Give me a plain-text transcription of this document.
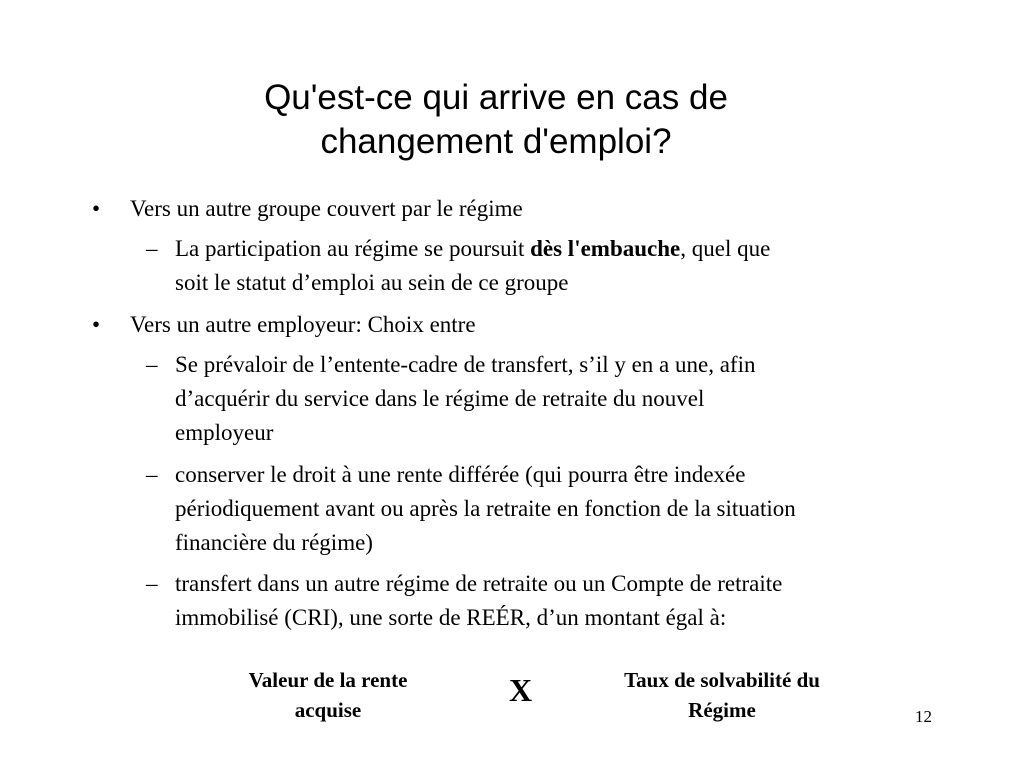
Qu'est-ce qui arrive en cas de
changement d'emploi?
• Vers un autre groupe couvert par le régime
– La participation au régime se poursuit dès l'embauche, quel que
soit le statut d’emploi au sein de ce groupe
• Vers un autre employeur: Choix entre
– Se prévaloir de l’entente-cadre de transfert, s’il y en a une, afin
d’acquérir du service dans le régime de retraite du nouvel
employeur
– conserver le droit à une rente différée (qui pourra être indexée
périodiquement avant ou après la retraite en fonction de la situation
financière du régime)
– transfert dans un autre régime de retraite ou un Compte de retraite
immobilisé (CRI), une sorte de REÉR, d’un montant égal à:
Valeur de la rente
acquise
X	Taux de solvabilité du
Régime	12
